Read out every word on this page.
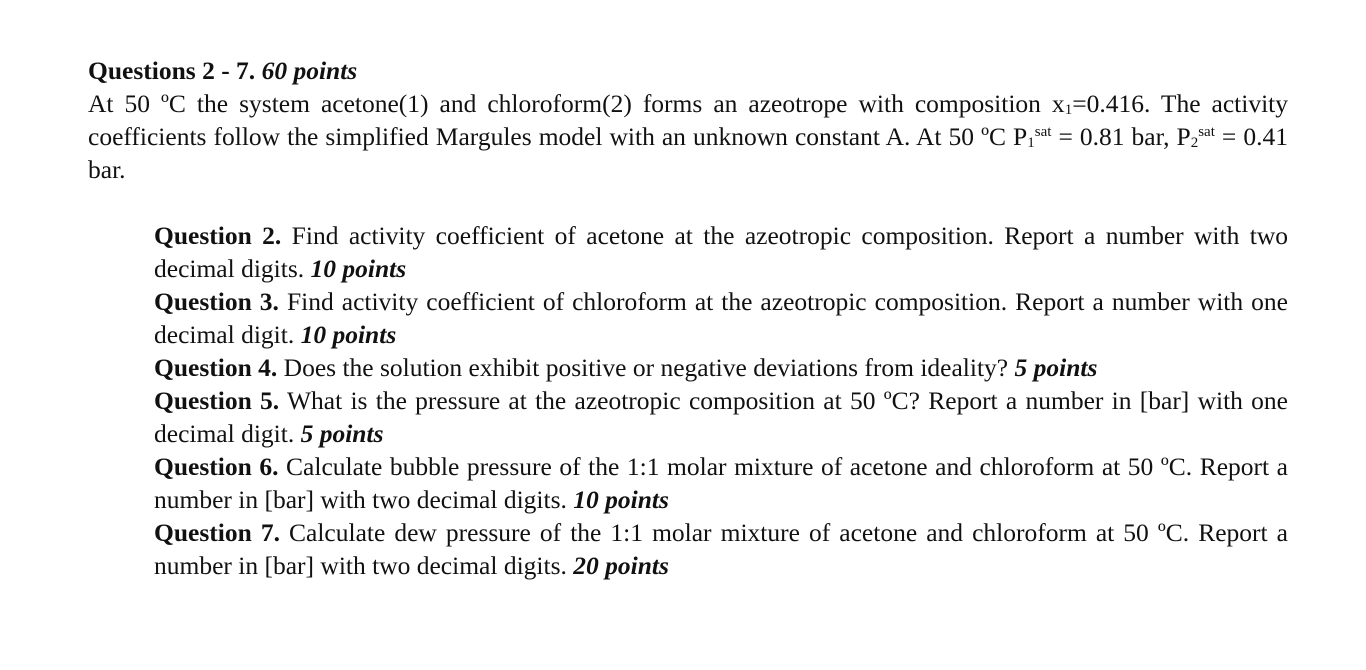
Questions 2 - 7. 60 points

At 50 ºC the system acetone(1) and chloroform(2) forms an azeotrope with composition $x_1=0.416$. The activity coefficients follow the simplified Margules model with an unknown constant A. At 50 ºC $P_1^{sat} = 0.81$ bar, $P_2^{sat} = 0.41$ bar.

Question 2. Find activity coefficient of acetone at the azeotropic composition. Report a number with two decimal digits. 10 points

Question 3. Find activity coefficient of chloroform at the azeotropic composition. Report a number with one decimal digit. 10 points

Question 4. Does the solution exhibit positive or negative deviations from ideality? 5 points

Question 5. What is the pressure at the azeotropic composition at 50 ºC? Report a number in [bar] with one decimal digit. 5 points

Question 6. Calculate bubble pressure of the 1:1 molar mixture of acetone and chloroform at 50 ºC. Report a number in [bar] with two decimal digits. 10 points

Question 7. Calculate dew pressure of the 1:1 molar mixture of acetone and chloroform at 50 ºC. Report a number in [bar] with two decimal digits. 20 points
